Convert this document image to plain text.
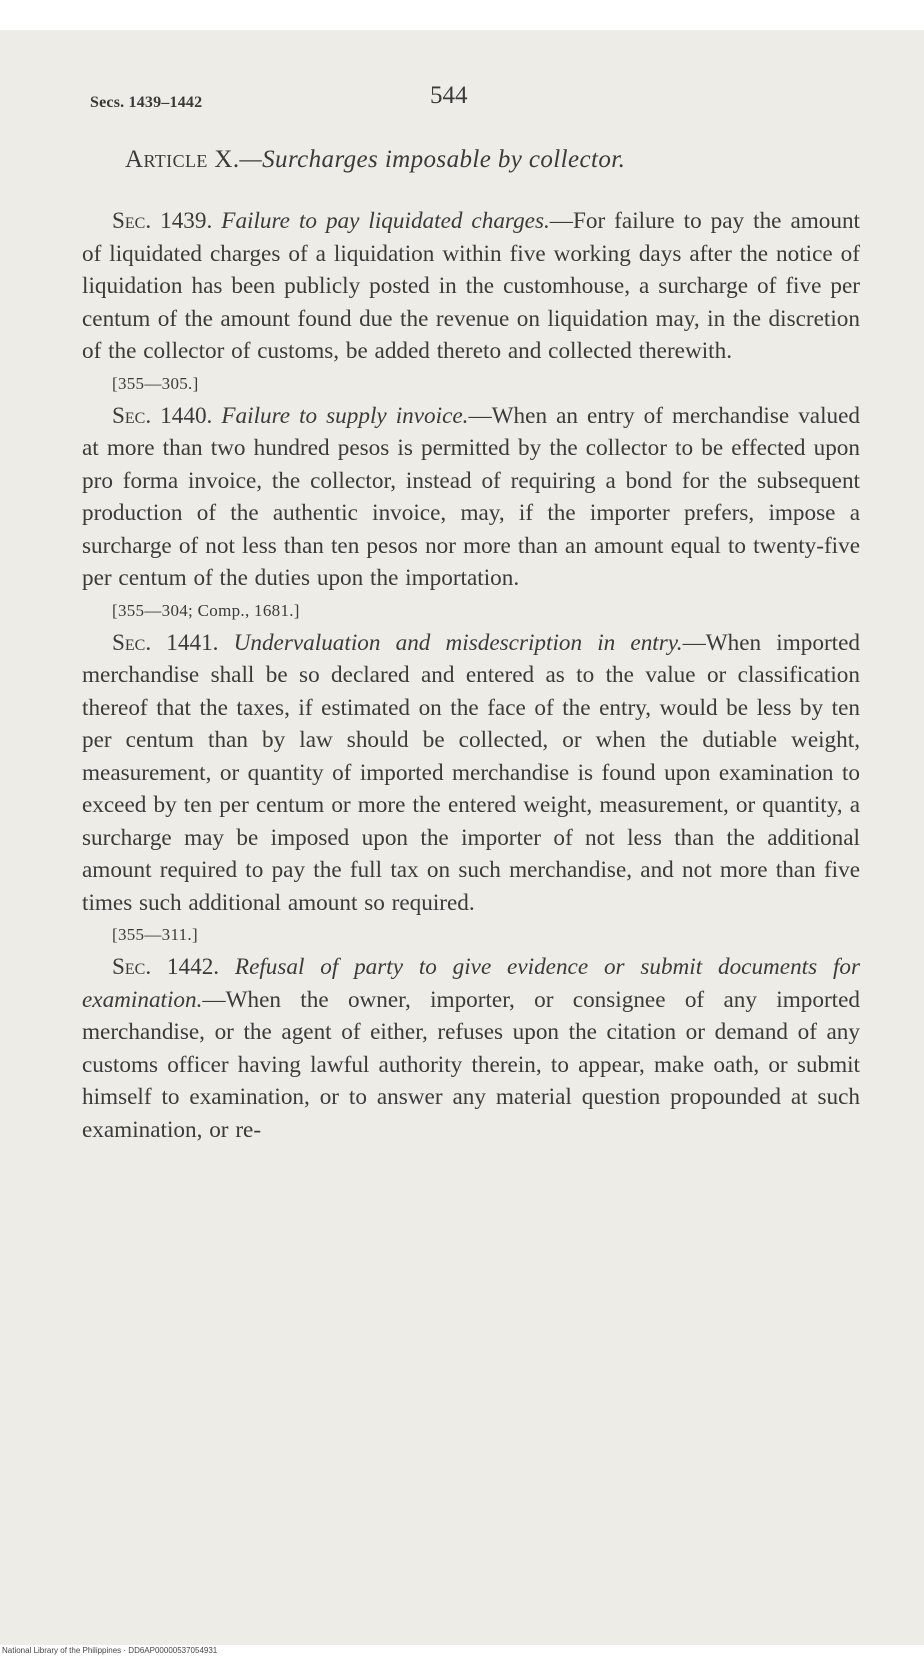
Secs. 1439–1442	544
Article X.—Surcharges imposable by collector.

Sec. 1439. Failure to pay liquidated charges.—For failure to pay the amount of liquidated charges of a liquidation within five working days after the notice of liquidation has been publicly posted in the customhouse, a surcharge of five per centum of the amount found due the revenue on liquidation may, in the discretion of the collector of customs, be added thereto and collected therewith.

[355—305.]

Sec. 1440. Failure to supply invoice.—When an entry of merchandise valued at more than two hundred pesos is permitted by the collector to be effected upon pro forma invoice, the collector, instead of requiring a bond for the subsequent production of the authentic invoice, may, if the importer prefers, impose a surcharge of not less than ten pesos nor more than an amount equal to twenty-five per centum of the duties upon the importation.

[355—304; Comp., 1681.]

Sec. 1441. Undervaluation and misdescription in entry.—When imported merchandise shall be so declared and entered as to the value or classification thereof that the taxes, if estimated on the face of the entry, would be less by ten per centum than by law should be collected, or when the dutiable weight, measurement, or quantity of imported merchandise is found upon examination to exceed by ten per centum or more the entered weight, measurement, or quantity, a surcharge may be imposed upon the importer of not less than the additional amount required to pay the full tax on such merchandise, and not more than five times such additional amount so required.

[355—311.]

Sec. 1442. Refusal of party to give evidence or submit documents for examination.—When the owner, importer, or consignee of any imported merchandise, or the agent of either, refuses upon the citation or demand of any customs officer having lawful authority therein, to appear, make oath, or submit himself to examination, or to answer any material question propounded at such examination, or re-

National Library of the Philippines · DD6AP00000537054931
